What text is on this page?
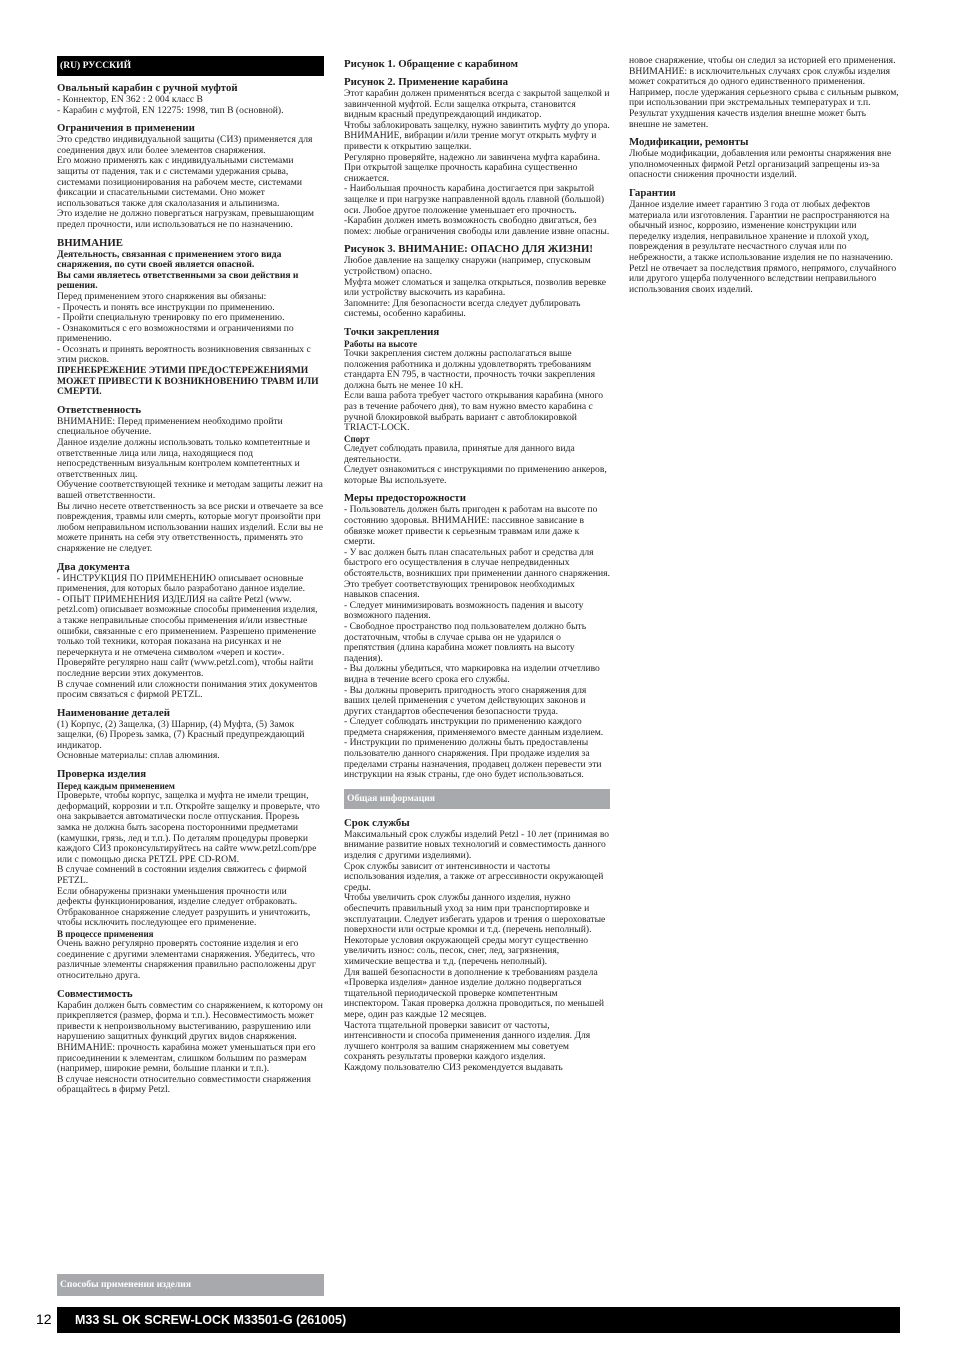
(RU) РУССКИЙ
Овальный карабин с ручной муфтой

- Коннектор, EN 362 : 2 004 класс B

- Карабин с муфтой, EN 12275: 1998, тип B (основной).

Ограничения в применении

Это средство индивидуальной защиты (СИЗ) применяется для соединения двух или более элементов снаряжения.

Его можно применять как с индивидуальными системами защиты от падения, так и с системами удержания срыва, системами позиционирования на рабочем месте, системами фиксации и спасательными системами. Оно может использоваться также для скалолазания и альпинизма.

Это изделие не должно повергаться нагрузкам, превышающим предел прочности, или использоваться не по назначению.

ВНИМАНИЕ

Деятельность, связанная с применением этого вида снаряжения, по сути своей является опасной.

Вы сами являетесь ответственными за свои действия и решения.

Перед применением этого снаряжения вы обязаны:

- Прочесть и понять все инструкции по применению.

- Пройти специальную тренировку по его применению.

- Ознакомиться с его возможностями и ограничениями по применению.

- Осознать и принять вероятность возникновения связанных с этим рисков.

ПРЕНЕБРЕЖЕНИЕ ЭТИМИ ПРЕДОСТЕРЕЖЕНИЯМИ МОЖЕТ ПРИВЕСТИ К ВОЗНИКНОВЕНИЮ ТРАВМ ИЛИ СМЕРТИ.

Ответственность

ВНИМАНИЕ: Перед применением необходимо пройти специальное обучение.

Данное изделие должны использовать только компетентные и ответственные лица или лица, находящиеся под непосредственным визуальным контролем компетентных и ответственных лиц.

Обучение соответствующей технике и методам защиты лежит на вашей ответственности.

Вы лично несете ответственность за все риски и отвечаете за все повреждения, травмы или смерть, которые могут произойти при любом неправильном использовании наших изделий. Если вы не можете принять на себя эту ответственность, применять это снаряжение не следует.

Два документа

- ИНСТРУКЦИЯ ПО ПРИМЕНЕНИЮ описывает основные применения, для которых было разработано данное изделие.

- ОПЫТ ПРИМЕНЕНИЯ ИЗДЕЛИЯ на сайте Petzl (www. petzl.com) описывает возможные способы применения изделия, а также неправильные способы применения и/или известные ошибки, связанные с его применением. Разрешено применение только той техники, которая показана на рисунках и не перечеркнута и не отмечена символом «череп и кости». Проверяйте регулярно наш сайт (www.petzl.com), чтобы найти последние версии этих документов.

В случае сомнений или сложности понимания этих документов просим связаться с фирмой PETZL.

Наименование деталей

(1) Корпус, (2) Защелка, (3) Шарнир, (4) Муфта, (5) Замок защелки, (6) Прорезь замка, (7) Красный предупреждающий индикатор.

Основные материалы: сплав алюминия.

Проверка изделия

Перед каждым применением

Проверьте, чтобы корпус, защелка и муфта не имели трещин, деформаций, коррозии и т.п. Откройте защелку и проверьте, что она закрывается автоматически после отпускания. Прорезь замка не должна быть засорена посторонними предметами (камушки, грязь, лед и т.п.). По деталям процедуры проверки каждого СИЗ проконсультируйтесь на сайте www.petzl.com/ppe или с помощью диска PETZL PPE CD-ROM.

В случае сомнений в состоянии изделия свяжитесь с фирмой PETZL.

Если обнаружены признаки уменьшения прочности или дефекты функционирования, изделие следует отбраковать. Отбракованное снаряжение следует разрушить и уничтожить, чтобы исключить последующее его применение.

В процессе применения

Очень важно регулярно проверять состояние изделия и его соединение с другими элементами снаряжения. Убедитесь, что различные элементы снаряжения правильно расположены друг относительно друга.

Совместимость

Карабин должен быть совместим со снаряжением, к которому он прикрепляется (размер, форма и т.п.). Несовместимость может привести к непроизвольному выстегиванию, разрушению или нарушению защитных функций других видов снаряжения.

ВНИМАНИЕ: прочность карабина может уменьшаться при его присоединении к элементам, слишком большим по размерам (например, широкие ремни, большие планки и т.п.).

В случае неясности относительно совместимости снаряжения обращайтесь в фирму Petzl.

Способы применения изделия
Рисунок 1. Обращение с карабином
Рисунок 2. Применение карабина

Этот карабин должен применяться всегда с закрытой защелкой и завинченной муфтой. Если защелка открыта, становится видным красный предупреждающий индикатор.

Чтобы заблокировать защелку, нужно завинтить муфту до упора.

ВНИМАНИЕ, вибрации и/или трение могут открыть муфту и привести к открытию защелки.

Регулярно проверяйте, надежно ли завинчена муфта карабина.

При открытой защелке прочность карабина существенно снижается.

- Наибольшая прочность карабина достигается при закрытой защелке и при нагрузке направленной вдоль главной (большой) оси. Любое другое положение уменьшает его прочность.

-Карабин должен иметь возможность свободно двигаться, без помех: любые ограничения свободы или давление извне опасны.

Рисунок 3. ВНИМАНИЕ: ОПАСНО ДЛЯ ЖИЗНИ!

Любое давление на защелку снаружи (например, спусковым устройством) опасно.

Муфта может сломаться и защелка открыться, позволив веревке или устройству выскочить из карабина.

Запомните: Для безопасности всегда следует дублировать системы, особенно карабины.

Точки закрепления

Работы на высоте

Точки закрепления систем должны располагаться выше положения работника и должны удовлетворять требованиям стандарта EN 795, в частности, прочность точки закрепления должна быть не менее 10 кН.

Если ваша работа требует частого открывания карабина (много раз в течение рабочего дня), то вам нужно вместо карабина с ручной блокировкой выбрать вариант с автоблокировкой TRIACT-LOCK.

Спорт

Следует соблюдать правила, принятые для данного вида деятельности.

Следует ознакомиться с инструкциями по применению анкеров, которые Вы используете.

Меры предосторожности

- Пользователь должен быть пригоден к работам на высоте по состоянию здоровья. ВНИМАНИЕ: пассивное зависание в обвязке может привести к серьезным травмам или даже к смерти.

- У вас должен быть план спасательных работ и средства для быстрого его осуществления в случае непредвиденных обстоятельств, возникших при применении данного снаряжения. Это требует соответствующих тренировок необходимых навыков спасения.

- Следует минимизировать возможность падения и высоту возможного падения.

- Свободное пространство под пользователем должно быть достаточным, чтобы в случае срыва он не ударился о препятствия (длина карабина может повлиять на высоту падения).

- Вы должны убедиться, что маркировка на изделии отчетливо видна в течение всего срока его службы.

- Вы должны проверить пригодность этого снаряжения для ваших целей применения с учетом действующих законов и других стандартов обеспечения безопасности труда.

- Следует соблюдать инструкции по применению каждого предмета снаряжения, применяемого вместе данным изделием.

- Инструкции по применению должны быть предоставлены пользователю данного снаряжения. При продаже изделия за пределами страны назначения, продавец должен перевести эти инструкции на язык страны, где оно будет использоваться.

Общая информация
Срок службы

Максимальный срок службы изделий Petzl - 10 лет (принимая во внимание развитие новых технологий и совместимость данного изделия с другими изделиями).

Срок службы зависит от интенсивности и частоты использования изделия, а также от агрессивности окружающей среды.

Чтобы увеличить срок службы данного изделия, нужно обеспечить правильный уход за ним при транспортировке и эксплуатации. Следует избегать ударов и трения о шероховатые поверхности или острые кромки и т.д. (перечень неполный).

Некоторые условия окружающей среды могут существенно увеличить износ: соль, песок, снег, лед, загрязнения, химические вещества и т.д. (перечень неполный).

Для вашей безопасности в дополнение к требованиям раздела «Проверка изделия» данное изделие должно подвергаться тщательной периодической проверке компетентным инспектором. Такая проверка должна проводиться, по меньшей мере, один раз каждые 12 месяцев.

Частота тщательной проверки зависит от частоты, интенсивности и способа применения данного изделия. Для лучшего контроля за вашим снаряжением мы советуем сохранять результаты проверки каждого изделия.

Каждому пользователю СИЗ рекомендуется выдавать

новое снаряжение, чтобы он следил за историей его применения.

ВНИМАНИЕ: в исключительных случаях срок службы изделия может сократиться до одного единственного применения. Например, после удержания серьезного срыва с сильным рывком, при использовании при экстремальных температурах и т.п. Результат ухудшения качеств изделия внешне может быть внешне не заметен.

Модификации, ремонты

Любые модификации, добавления или ремонты снаряжения вне уполномоченных фирмой Petzl организаций запрещены из-за опасности снижения прочности изделий.

Гарантии

Данное изделие имеет гарантию 3 года от любых дефектов материала или изготовления. Гарантии не распространяются на обычный износ, коррозию, изменение конструкции или переделку изделия, неправильное хранение и плохой уход, повреждения в результате несчастного случая или по небрежности, а также использование изделия не по назначению.

Petzl не отвечает за последствия прямого, непрямого, случайного или другого ущерба полученного вследствии неправильного использования своих изделий.

12	M33 SL OK SCREW-LOCK M33501-G (261005)
